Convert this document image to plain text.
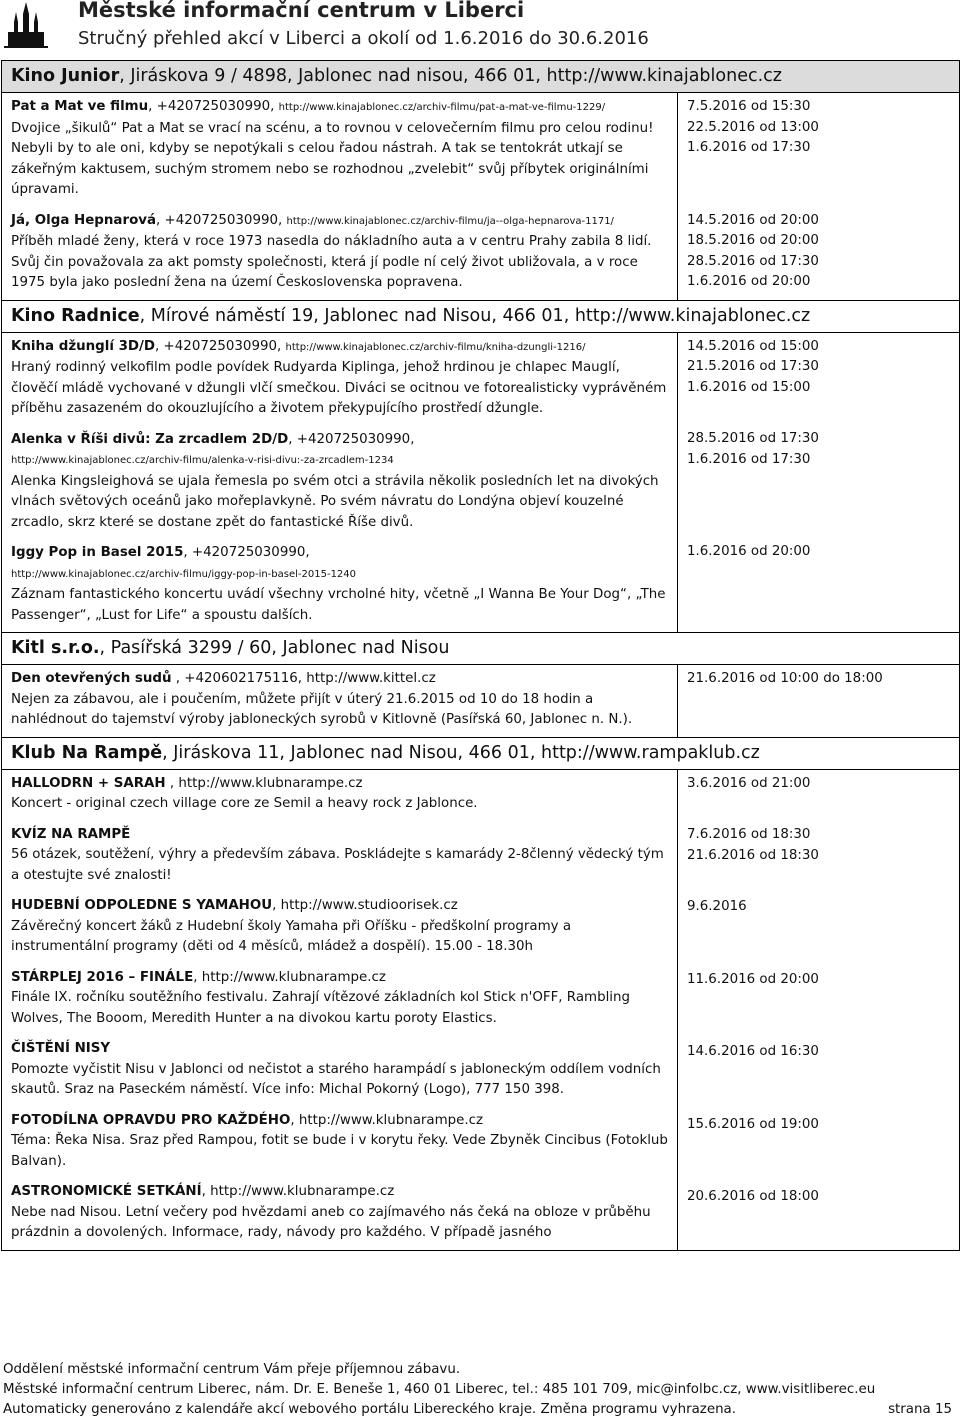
Městské informační centrum v Liberci
Stručný přehled akcí v Liberci a okolí od 1.6.2016 do 30.6.2016
Kino Junior, Jiráskova 9 / 4898, Jablonec nad nisou, 466 01, http://www.kinajablonec.cz
Pat a Mat ve filmu, +420725030990, http://www.kinajablonec.cz/archiv-filmu/pat-a-mat-ve-filmu-1229/
Dvojice „šikulů“ Pat a Mat se vrací na scénu, a to rovnou v celovečerním filmu pro celou rodinu! Nebyli by to ale oni, kdyby se nepotýkali s celou řadou nástrah. A tak se tentokrát utkají se zákeřným kaktusem, suchým stromem nebo se rozhodnou „zvelebit“ svůj příbytek originálními úpravami.
Já, Olga Hepnarová, +420725030990, http://www.kinajablonec.cz/archiv-filmu/ja--olga-hepnarova-1171/
Příběh mladé ženy, která v roce 1973 nasedla do nákladního auta a v centru Prahy zabila 8 lidí. Svůj čin považovala za akt pomsty společnosti, která jí podle ní celý život ubližovala, a v roce 1975 byla jako poslední žena na území Československa popravena.
7.5.2016 od 15:30
22.5.2016 od 13:00
1.6.2016 od 17:30
14.5.2016 od 20:00
18.5.2016 od 20:00
28.5.2016 od 17:30
1.6.2016 od 20:00
Kino Radnice, Mírové náměstí 19, Jablonec nad Nisou, 466 01, http://www.kinajablonec.cz
Kniha džunglí 3D/D, +420725030990, http://www.kinajablonec.cz/archiv-filmu/kniha-dzungli-1216/
Hraný rodinný velkofilm podle povídek Rudyarda Kiplinga, jehož hrdinou je chlapec Mauglí, člověčí mládě vychované v džungli vlčí smečkou. Diváci se ocitnou ve fotorealisticky vyprávěném příběhu zasazeném do okouzlujícího a životem překypujícího prostředí džungle.
Alenka v Říši divů: Za zrcadlem 2D/D, +420725030990,
http://www.kinajablonec.cz/archiv-filmu/alenka-v-risi-divu:-za-zrcadlem-1234
Alenka Kingsleighová se ujala řemesla po svém otci a strávila několik posledních let na divokých vlnách světových oceánů jako mořeplavkyně. Po svém návratu do Londýna objeví kouzelné zrcadlo, skrz které se dostane zpět do fantastické Říše divů.
Iggy Pop in Basel 2015, +420725030990,
http://www.kinajablonec.cz/archiv-filmu/iggy-pop-in-basel-2015-1240
Záznam fantastického koncertu uvádí všechny vrcholné hity, včetně „I Wanna Be Your Dog“, „The Passenger“, „Lust for Life“ a spoustu dalších.
14.5.2016 od 15:00
21.5.2016 od 17:30
1.6.2016 od 15:00
28.5.2016 od 17:30
1.6.2016 od 17:30
1.6.2016 od 20:00
Kitl s.r.o., Pasířská 3299 / 60, Jablonec nad Nisou
Den otevřených sudů , +420602175116, http://www.kittel.cz
Nejen za zábavou, ale i poučením, můžete přijít v úterý 21.6.2015 od 10 do 18 hodin a nahlédnout do tajemství výroby jabloneckých syrobů v Kitlovně (Pasířská 60, Jablonec n. N.).
21.6.2016 od 10:00 do 18:00
Klub Na Rampě, Jiráskova 11, Jablonec nad Nisou, 466 01, http://www.rampaklub.cz
HALLODRN + SARAH , http://www.klubnarampe.cz
Koncert - original czech village core ze Semil a heavy rock z Jablonce.
KVÍZ NA RAMPĚ
56 otázek, soutěžení, výhry a především zábava. Poskládejte s kamarády 2-8členný vědecký tým a otestujte své znalosti!
HUDEBNÍ ODPOLEDNE S YAMAHOU, http://www.studioorisek.cz
Závěrečný koncert žáků z Hudební školy Yamaha při Oříšku - předškolní programy a instrumentální programy (děti od 4 měsíců, mládež a dospělí). 15.00 - 18.30h
STÁRPLEJ 2016 – FINÁLE, http://www.klubnarampe.cz
Finále IX. ročníku soutěžního festivalu. Zahrají vítězové základních kol Stick n'OFF, Rambling Wolves, The Booom, Meredith Hunter a na divokou kartu poroty Elastics.
ČIŠTĚNÍ NISY
Pomozte vyčistit Nisu v Jablonci od nečistot a starého harampádí s jabloneckým oddílem vodních skautů. Sraz na Paseckém náměstí. Více info: Michal Pokorný (Logo), 777 150 398.
FOTODÍLNA OPRAVDU PRO KAŽDÉHO, http://www.klubnarampe.cz
Téma: Řeka Nisa. Sraz před Rampou, fotit se bude i v korytu řeky. Vede Zbyněk Cincibus (Fotoklub Balvan).
ASTRONOMICKÉ SETKÁNÍ, http://www.klubnarampe.cz
Nebe nad Nisou. Letní večery pod hvězdami aneb co zajímavého nás čeká na obloze v průběhu prázdnin a dovolených. Informace, rady, návody pro každého. V případě jasného
3.6.2016 od 21:00
7.6.2016 od 18:30
21.6.2016 od 18:30
9.6.2016
11.6.2016 od 20:00
14.6.2016 od 16:30
15.6.2016 od 19:00
20.6.2016 od 18:00
Oddělení městské informační centrum Vám přeje příjemnou zábavu.
Městské informační centrum Liberec, nám. Dr. E. Beneše 1, 460 01 Liberec, tel.: 485 101 709, mic@infolbc.cz, www.visitliberec.eu
Automaticky generováno z kalendáře akcí webového portálu Libereckého kraje. Změna programu vyhrazena.	strana 15
